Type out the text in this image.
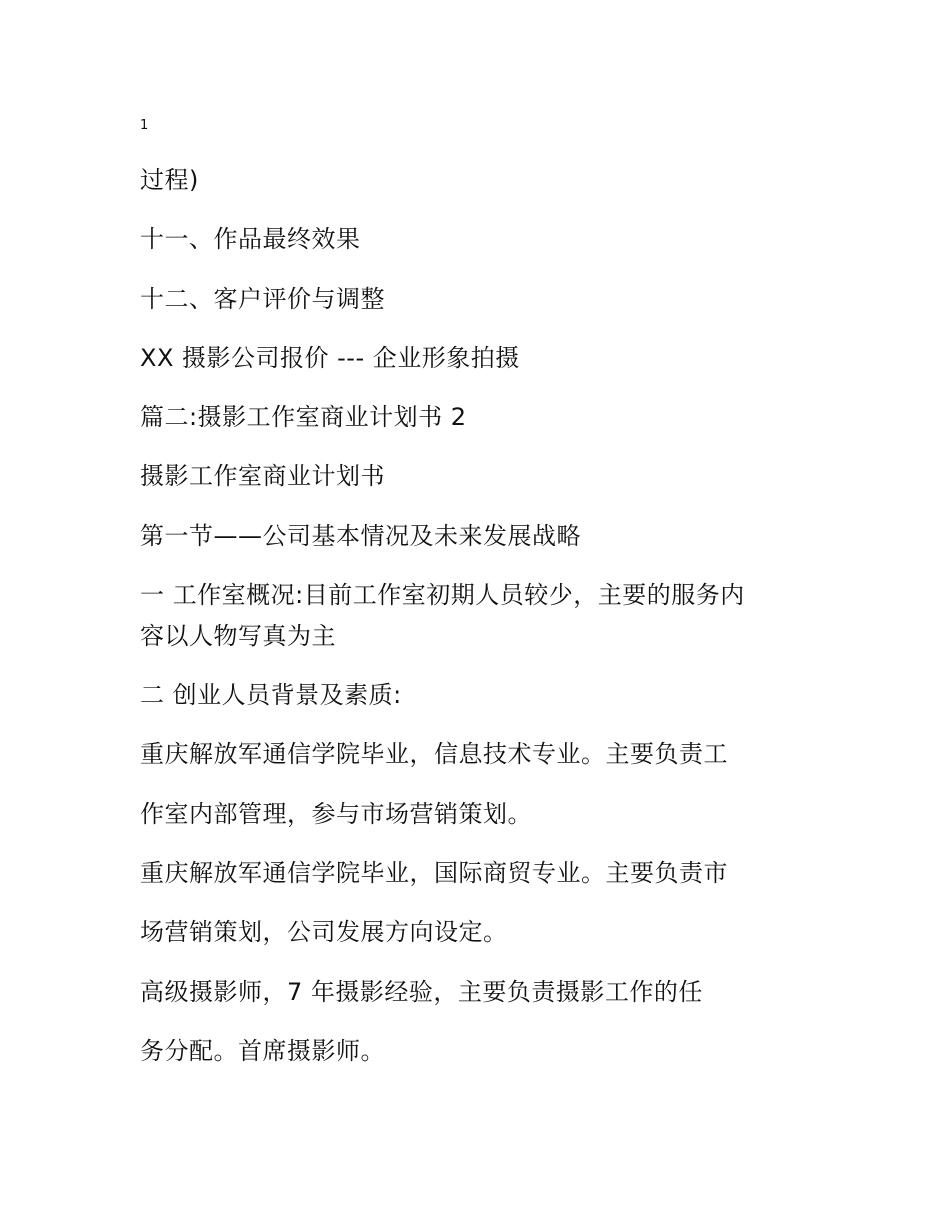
1
过程)
十一、作品最终效果
十二、客户评价与调整
XX 摄影公司报价 --- 企业形象拍摄
篇二:摄影工作室商业计划书 2
摄影工作室商业计划书
第一节——公司基本情况及未来发展战略
一 工作室概况:目前工作室初期人员较少，主要的服务内
容以人物写真为主
二 创业人员背景及素质:
重庆解放军通信学院毕业，信息技术专业。主要负责工
作室内部管理，参与市场营销策划。
重庆解放军通信学院毕业，国际商贸专业。主要负责市
场营销策划，公司发展方向设定。
高级摄影师，7 年摄影经验，主要负责摄影工作的任
务分配。首席摄影师。
